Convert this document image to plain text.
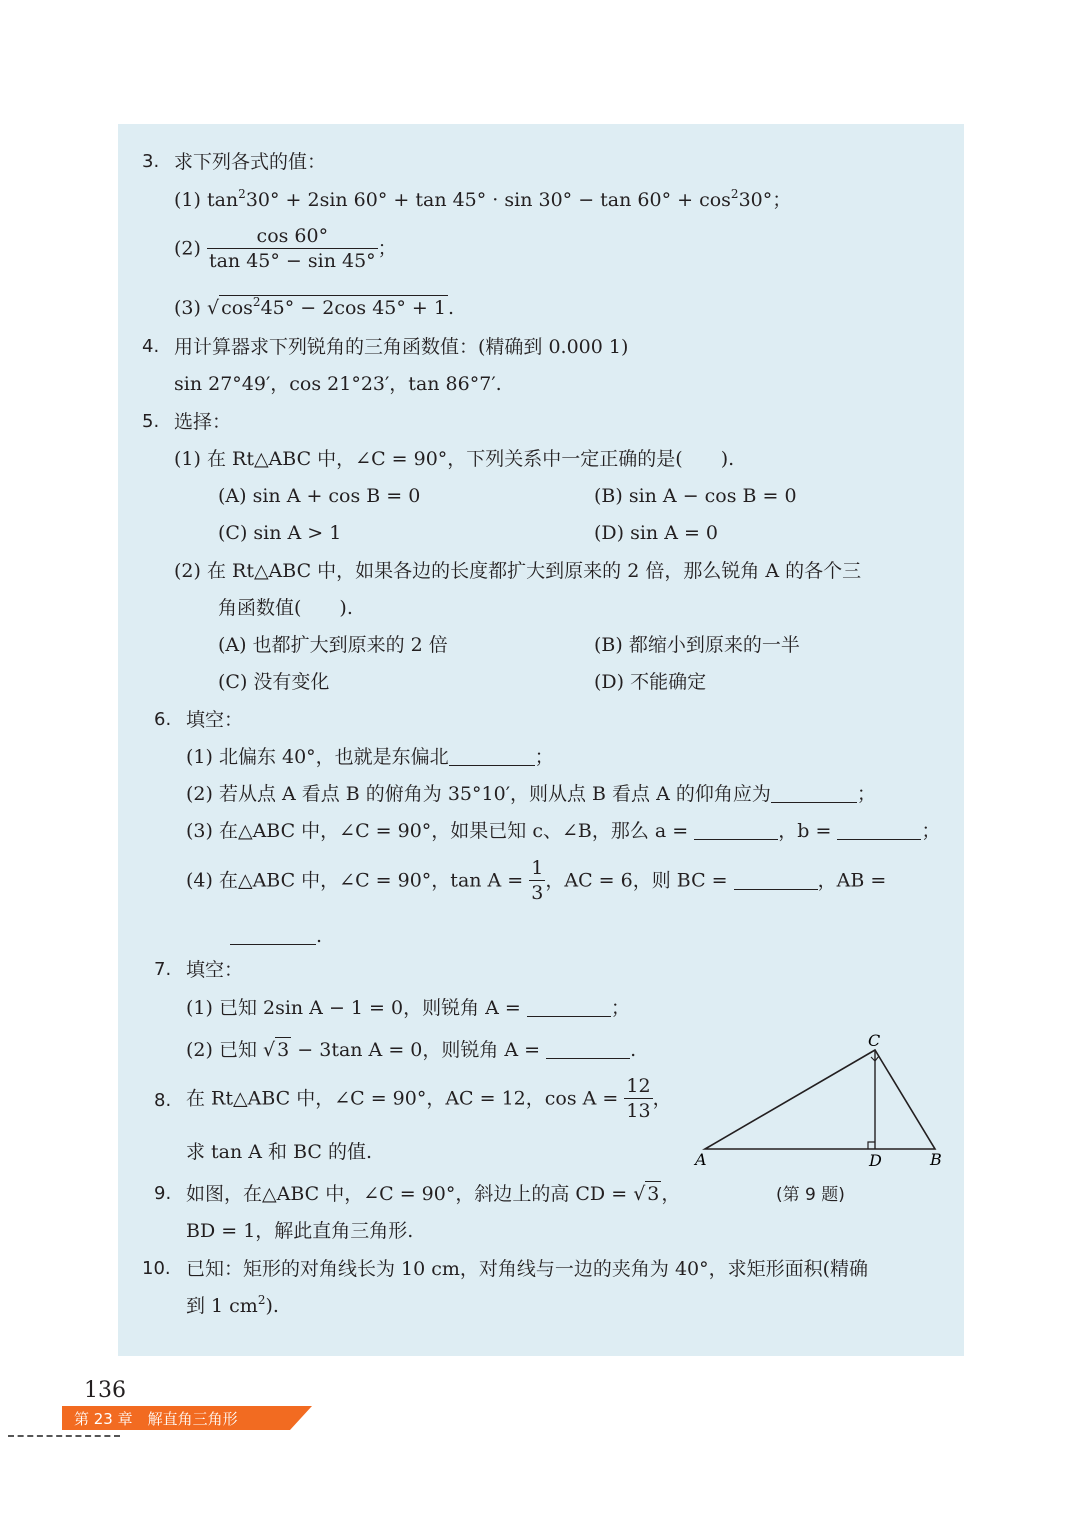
3. 求下列各式的值：
(1) $\tan^230^\circ + 2\sin$ $60^\circ + \tan 45^\circ \cdot \sin 30^\circ - \tan 60^\circ + \cos^230^\circ$；
$(2) \frac{\cos 60^\circ}{\tan 45^\circ - \sin 45^\circ}$ ；
(3) √ $\cos^245^\circ - 2\cos$ 45° + 1 .
4. 用计算器求下列锐角的三角函数值：(精确到 0.000 1)
sin 27°49′，cos 21°23′，tan 86°7′.
5. 选择：
(1) 在 Rt△ABC 中，∠C = 90°，下列关系中一定正确的是(　　).
(A) sin A + cos B = 0	(B) sin A − cos B = 0
(C) sin A > 1	(D) sin A = 0
(2) 在 Rt△ABC 中，如果各边的长度都扩大到原来的 2 倍，那么锐角 A 的各个三
角函数值(　　).
(A) 也都扩大到原来的 2 倍	(B) 都缩小到原来的一半
(C) 没有变化	(D) 不能确定
6. 填空：
(1) 北偏东 40°，也就是东偏北	；
(2) 若从点 A 看点 B 的俯角为 35°10′，则从点 B 看点 A 的仰角应为	；
(3) 在△ABC 中，∠C = 90°，如果已知 c、∠B，那么 a =	，b =	；
(4) 在△ABC 中，∠C = 90°，$\tan A = \frac{1}{3}$ ，AC = 6，则 BC =	，AB =
.
7. 填空：
(1) 已知 2sin A − 1 = 0，则锐角 A =	；
(2) 已知 √ 3 − 3tan A = 0，则锐角 A =	.
8. 在 Rt△ABC 中，∠C = 90°，AC = 12，$\cos A = \frac{12}{13}$ ，
求 tan A 和 BC 的值.
9. 如图，在△ABC 中，∠C = 90°，斜边上的高 CD = √ 3 ，
BD = 1，解此直角三角形.
10. 已知：矩形的对角线长为 10 cm，对角线与一边的夹角为 40°，求矩形面积(精确
到 1 $cm^2$).
A
C
D	B
(第 9 题)
136
第 23 章　解直角三角形
